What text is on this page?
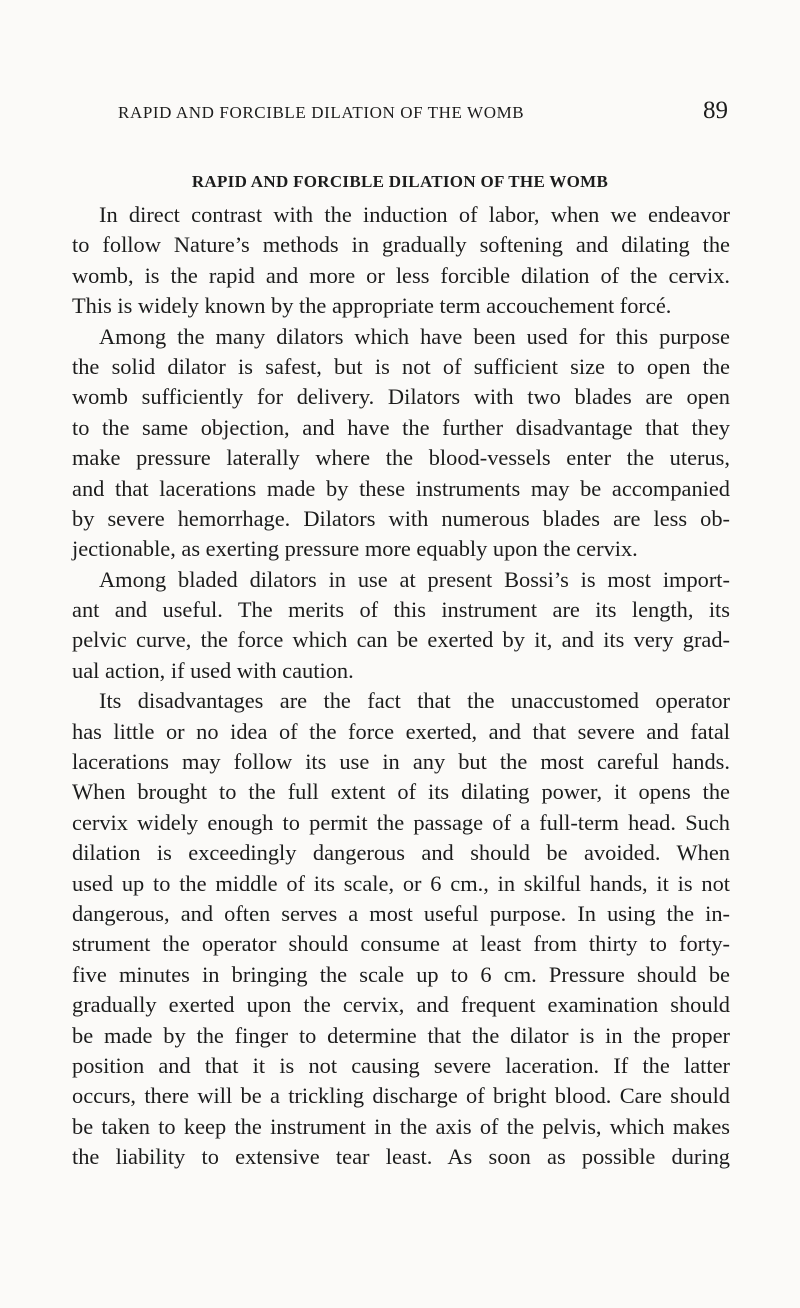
RAPID AND FORCIBLE DILATION OF THE WOMB	89
RAPID AND FORCIBLE DILATION OF THE WOMB
In direct contrast with the induction of labor, when we endeavor
to follow Nature’s methods in gradually softening and dilating the
womb, is the rapid and more or less forcible dilation of the cervix.
This is widely known by the appropriate term accouchement forcé.
Among the many dilators which have been used for this purpose
the solid dilator is safest, but is not of sufficient size to open the
womb sufficiently for delivery. Dilators with two blades are open
to the same objection, and have the further disadvantage that they
make pressure laterally where the blood-vessels enter the uterus,
and that lacerations made by these instruments may be accompanied
by severe hemorrhage. Dilators with numerous blades are less ob-
jectionable, as exerting pressure more equably upon the cervix.
Among bladed dilators in use at present Bossi’s is most import-
ant and useful. The merits of this instrument are its length, its
pelvic curve, the force which can be exerted by it, and its very grad-
ual action, if used with caution.
Its disadvantages are the fact that the unaccustomed operator
has little or no idea of the force exerted, and that severe and fatal
lacerations may follow its use in any but the most careful hands.
When brought to the full extent of its dilating power, it opens the
cervix widely enough to permit the passage of a full-term head. Such
dilation is exceedingly dangerous and should be avoided. When
used up to the middle of its scale, or 6 cm., in skilful hands, it is not
dangerous, and often serves a most useful purpose. In using the in-
strument the operator should consume at least from thirty to forty-
five minutes in bringing the scale up to 6 cm. Pressure should be
gradually exerted upon the cervix, and frequent examination should
be made by the finger to determine that the dilator is in the proper
position and that it is not causing severe laceration. If the latter
occurs, there will be a trickling discharge of bright blood. Care should
be taken to keep the instrument in the axis of the pelvis, which makes
the liability to extensive tear least. As soon as possible during
